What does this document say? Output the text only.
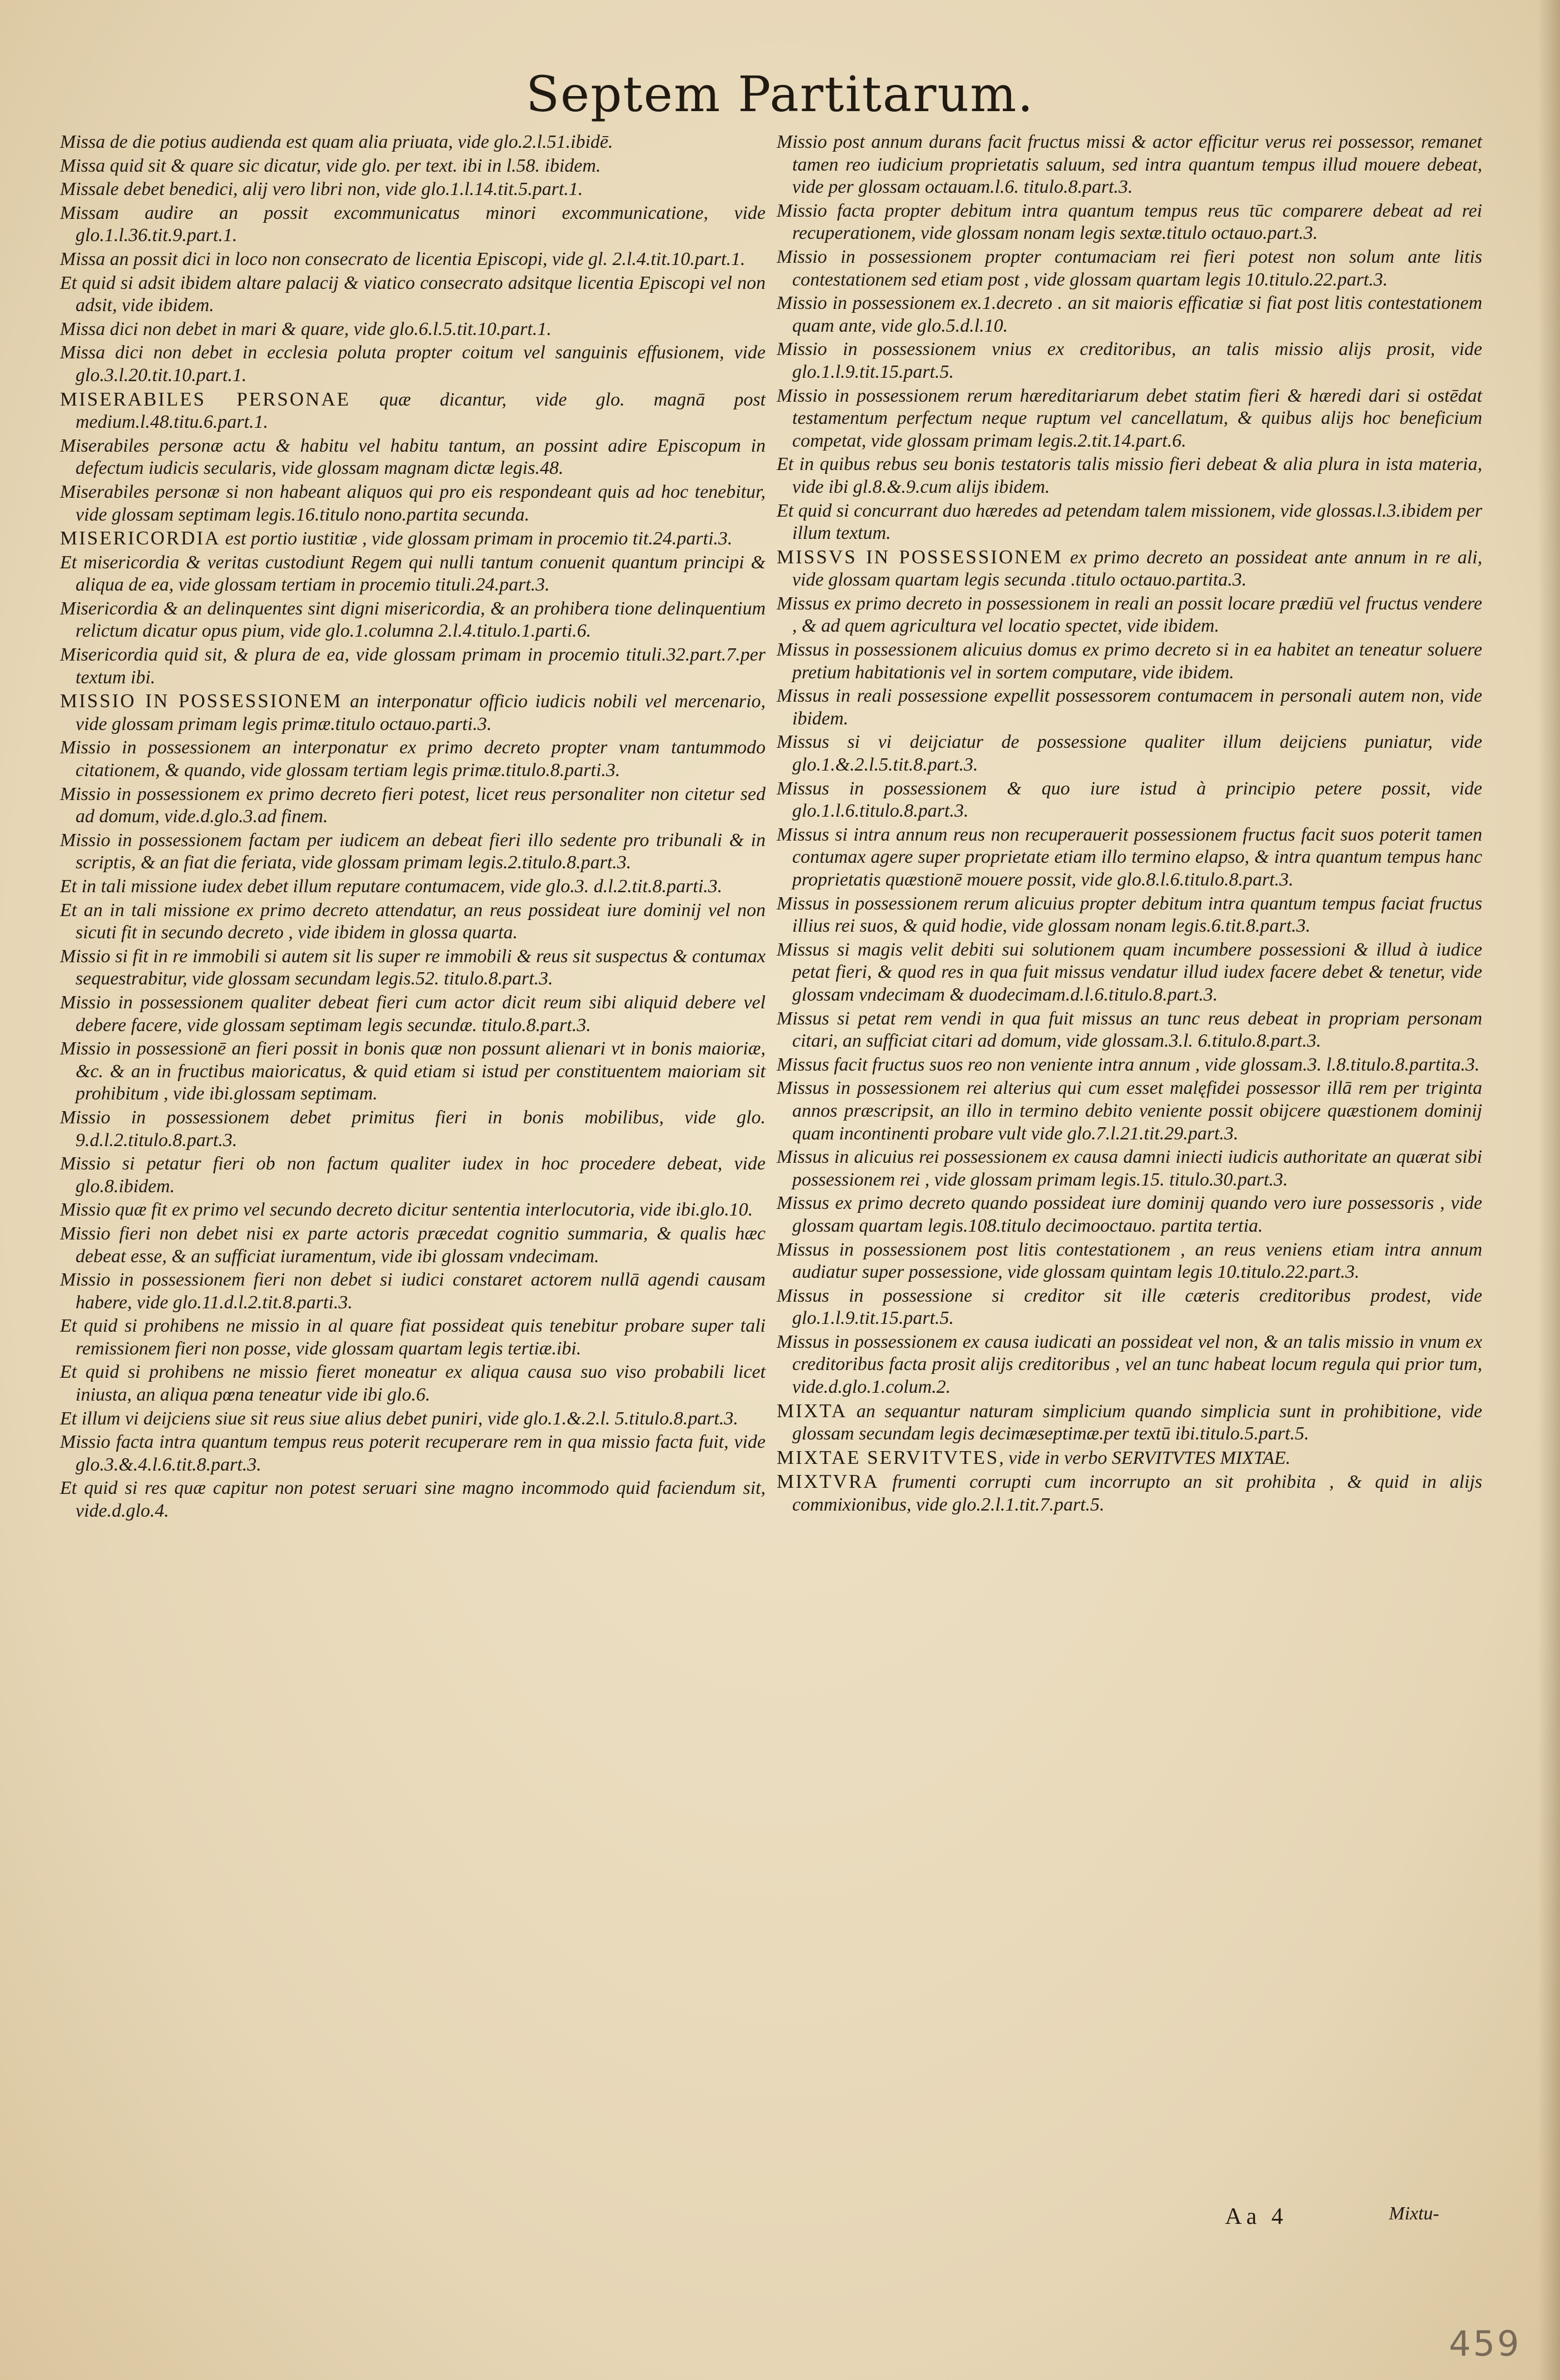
Septem Partitarum.

Missa de die potius audienda est quam alia priuata, vide glo.2.l.51.ibidē.

Missa quid sit & quare sic dicatur, vide glo. per text. ibi in l.58. ibidem.

Missale debet benedici, alij vero libri non, vide glo.1.l.14.tit.5.part.1.

Missam audire an possit excommunicatus minori excommunicatione, vide glo.1.l.36.tit.9.part.1.

Missa an possit dici in loco non consecrato de licentia Episcopi, vide gl. 2.l.4.tit.10.part.1.

Et quid si adsit ibidem altare palacij & viatico consecrato adsitque licentia Episcopi vel non adsit, vide ibidem.

Missa dici non debet in mari & quare, vide glo.6.l.5.tit.10.part.1.

Missa dici non debet in ecclesia poluta propter coitum vel sanguinis effusionem, vide glo.3.l.20.tit.10.part.1.

MISERABILES PERSONAE quæ dicantur, vide glo. magnā post medium.l.48.titu.6.part.1.

Miserabiles personæ actu & habitu vel habitu tantum, an possint adire Episcopum in defectum iudicis secularis, vide glossam magnam dictæ legis.48.

Miserabiles personæ si non habeant aliquos qui pro eis respondeant quis ad hoc tenebitur, vide glossam septimam legis.16.titulo nono.partita secunda.

MISERICORDIA est portio iustitiæ , vide glossam primam in procemio tit.24.parti.3.

Et misericordia & veritas custodiunt Regem qui nulli tantum conuenit quantum principi & aliqua de ea, vide glossam tertiam in procemio tituli.24.part.3.

Misericordia & an delinquentes sint digni misericordia, & an prohibera tione delinquentium relictum dicatur opus pium, vide glo.1.columna 2.l.4.titulo.1.parti.6.

Misericordia quid sit, & plura de ea, vide glossam primam in procemio tituli.32.part.7.per textum ibi.

MISSIO IN POSSESSIONEM an interponatur officio iudicis nobili vel mercenario, vide glossam primam legis primæ.titulo octauo.parti.3.

Missio in possessionem an interponatur ex primo decreto propter vnam tantummodo citationem, & quando, vide glossam tertiam legis primæ.titulo.8.parti.3.

Missio in possessionem ex primo decreto fieri potest, licet reus personaliter non citetur sed ad domum, vide.d.glo.3.ad finem.

Missio in possessionem factam per iudicem an debeat fieri illo sedente pro tribunali & in scriptis, & an fiat die feriata, vide glossam primam legis.2.titulo.8.part.3.

Et in tali missione iudex debet illum reputare contumacem, vide glo.3. d.l.2.tit.8.parti.3.

Et an in tali missione ex primo decreto attendatur, an reus possideat iure dominij vel non sicuti fit in secundo decreto , vide ibidem in glossa quarta.

Missio si fit in re immobili si autem sit lis super re immobili & reus sit suspectus & contumax sequestrabitur, vide glossam secundam legis.52. titulo.8.part.3.

Missio in possessionem qualiter debeat fieri cum actor dicit reum sibi aliquid debere vel debere facere, vide glossam septimam legis secundæ. titulo.8.part.3.

Missio in possessionē an fieri possit in bonis quæ non possunt alienari vt in bonis maioriæ, &c. & an in fructibus maioricatus, & quid etiam si istud per constituentem maioriam sit prohibitum , vide ibi.glossam septimam.

Missio in possessionem debet primitus fieri in bonis mobilibus, vide glo. 9.d.l.2.titulo.8.part.3.

Missio si petatur fieri ob non factum qualiter iudex in hoc procedere debeat, vide glo.8.ibidem.

Missio quæ fit ex primo vel secundo decreto dicitur sententia interlocutoria, vide ibi.glo.10.

Missio fieri non debet nisi ex parte actoris præcedat cognitio summaria, & qualis hæc debeat esse, & an sufficiat iuramentum, vide ibi glossam vndecimam.

Missio in possessionem fieri non debet si iudici constaret actorem nullā agendi causam habere, vide glo.11.d.l.2.tit.8.parti.3.

Et quid si prohibens ne missio in al quare fiat possideat quis tenebitur probare super tali remissionem fieri non posse, vide glossam quartam legis tertiæ.ibi.

Et quid si prohibens ne missio fieret moneatur ex aliqua causa suo viso probabili licet iniusta, an aliqua pœna teneatur vide ibi glo.6.

Et illum vi deijciens siue sit reus siue alius debet puniri, vide glo.1.&.2.l. 5.titulo.8.part.3.

Missio facta intra quantum tempus reus poterit recuperare rem in qua missio facta fuit, vide glo.3.&.4.l.6.tit.8.part.3.

Et quid si res quæ capitur non potest seruari sine magno incommodo quid faciendum sit, vide.d.glo.4.

Missio post annum durans facit fructus missi & actor efficitur verus rei possessor, remanet tamen reo iudicium proprietatis saluum, sed intra quantum tempus illud mouere debeat, vide per glossam octauam.l.6. titulo.8.part.3.

Missio facta propter debitum intra quantum tempus reus tūc comparere debeat ad rei recuperationem, vide glossam nonam legis sextæ.titulo octauo.part.3.

Missio in possessionem propter contumaciam rei fieri potest non solum ante litis contestationem sed etiam post , vide glossam quartam legis 10.titulo.22.part.3.

Missio in possessionem ex.1.decreto . an sit maioris efficatiæ si fiat post litis contestationem quam ante, vide glo.5.d.l.10.

Missio in possessionem vnius ex creditoribus, an talis missio alijs prosit, vide glo.1.l.9.tit.15.part.5.

Missio in possessionem rerum hæreditariarum debet statim fieri & hæredi dari si ostēdat testamentum perfectum neque ruptum vel cancellatum, & quibus alijs hoc beneficium competat, vide glossam primam legis.2.tit.14.part.6.

Et in quibus rebus seu bonis testatoris talis missio fieri debeat & alia plura in ista materia, vide ibi gl.8.&.9.cum alijs ibidem.

Et quid si concurrant duo hæredes ad petendam talem missionem, vide glossas.l.3.ibidem per illum textum.

MISSVS IN POSSESSIONEM ex primo decreto an possideat ante annum in re ali, vide glossam quartam legis secunda .titulo octauo.partita.3.

Missus ex primo decreto in possessionem in reali an possit locare prædiū vel fructus vendere , & ad quem agricultura vel locatio spectet, vide ibidem.

Missus in possessionem alicuius domus ex primo decreto si in ea habitet an teneatur soluere pretium habitationis vel in sortem computare, vide ibidem.

Missus in reali possessione expellit possessorem contumacem in personali autem non, vide ibidem.

Missus si vi deijciatur de possessione qualiter illum deijciens puniatur, vide glo.1.&.2.l.5.tit.8.part.3.

Missus in possessionem & quo iure istud à principio petere possit, vide glo.1.l.6.titulo.8.part.3.

Missus si intra annum reus non recuperauerit possessionem fructus facit suos poterit tamen contumax agere super proprietate etiam illo termino elapso, & intra quantum tempus hanc proprietatis quæstionē mouere possit, vide glo.8.l.6.titulo.8.part.3.

Missus in possessionem rerum alicuius propter debitum intra quantum tempus faciat fructus illius rei suos, & quid hodie, vide glossam nonam legis.6.tit.8.part.3.

Missus si magis velit debiti sui solutionem quam incumbere possessioni & illud à iudice petat fieri, & quod res in qua fuit missus vendatur illud iudex facere debet & tenetur, vide glossam vndecimam & duodecimam.d.l.6.titulo.8.part.3.

Missus si petat rem vendi in qua fuit missus an tunc reus debeat in propriam personam citari, an sufficiat citari ad domum, vide glossam.3.l. 6.titulo.8.part.3.

Missus facit fructus suos reo non veniente intra annum , vide glossam.3. l.8.titulo.8.partita.3.

Missus in possessionem rei alterius qui cum esset malęfidei possessor illā rem per triginta annos præscripsit, an illo in termino debito veniente possit obijcere quæstionem dominij quam incontinenti probare vult vide glo.7.l.21.tit.29.part.3.

Missus in alicuius rei possessionem ex causa damni iniecti iudicis authoritate an quærat sibi possessionem rei , vide glossam primam legis.15. titulo.30.part.3.

Missus ex primo decreto quando possideat iure dominij quando vero iure possessoris , vide glossam quartam legis.108.titulo decimooctauo. partita tertia.

Missus in possessionem post litis contestationem , an reus veniens etiam intra annum audiatur super possessione, vide glossam quintam legis 10.titulo.22.part.3.

Missus in possessione si creditor sit ille cæteris creditoribus prodest, vide glo.1.l.9.tit.15.part.5.

Missus in possessionem ex causa iudicati an possideat vel non, & an talis missio in vnum ex creditoribus facta prosit alijs creditoribus , vel an tunc habeat locum regula qui prior tum, vide.d.glo.1.colum.2.

MIXTA an sequantur naturam simplicium quando simplicia sunt in prohibitione, vide glossam secundam legis decimæseptimæ.per textū ibi.titulo.5.part.5.

MIXTAE SERVITVTES, vide in verbo SERVITVTES MIXTAE.

MIXTVRA frumenti corrupti cum incorrupto an sit prohibita , & quid in alijs commixionibus, vide glo.2.l.1.tit.7.part.5.

Aa 4	Mixtu-
459
